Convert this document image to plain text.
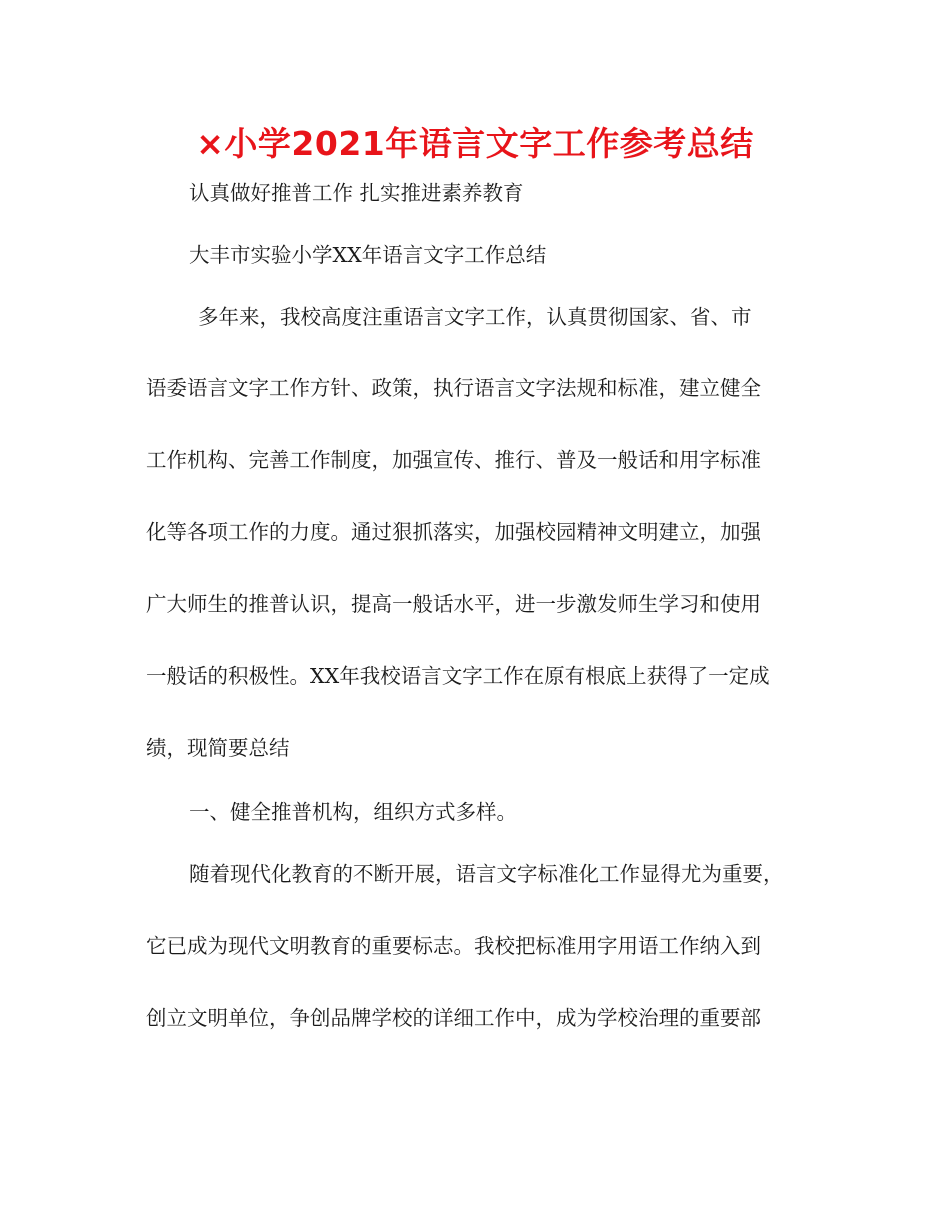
×小学2021年语言文字工作参考总结

认真做好推普工作 扎实推进素养教育

大丰市实验小学XX年语言文字工作总结

多年来，我校高度注重语言文字工作，认真贯彻国家、省、市

语委语言文字工作方针、政策，执行语言文字法规和标准，建立健全

工作机构、完善工作制度，加强宣传、推行、普及一般话和用字标准

化等各项工作的力度。通过狠抓落实，加强校园精神文明建立，加强

广大师生的推普认识，提高一般话水平，进一步激发师生学习和使用

一般话的积极性。XX年我校语言文字工作在原有根底上获得了一定成

绩，现简要总结

一、健全推普机构，组织方式多样。

随着现代化教育的不断开展，语言文字标准化工作显得尤为重要，

它已成为现代文明教育的重要标志。我校把标准用字用语工作纳入到

创立文明单位，争创品牌学校的详细工作中，成为学校治理的重要部
